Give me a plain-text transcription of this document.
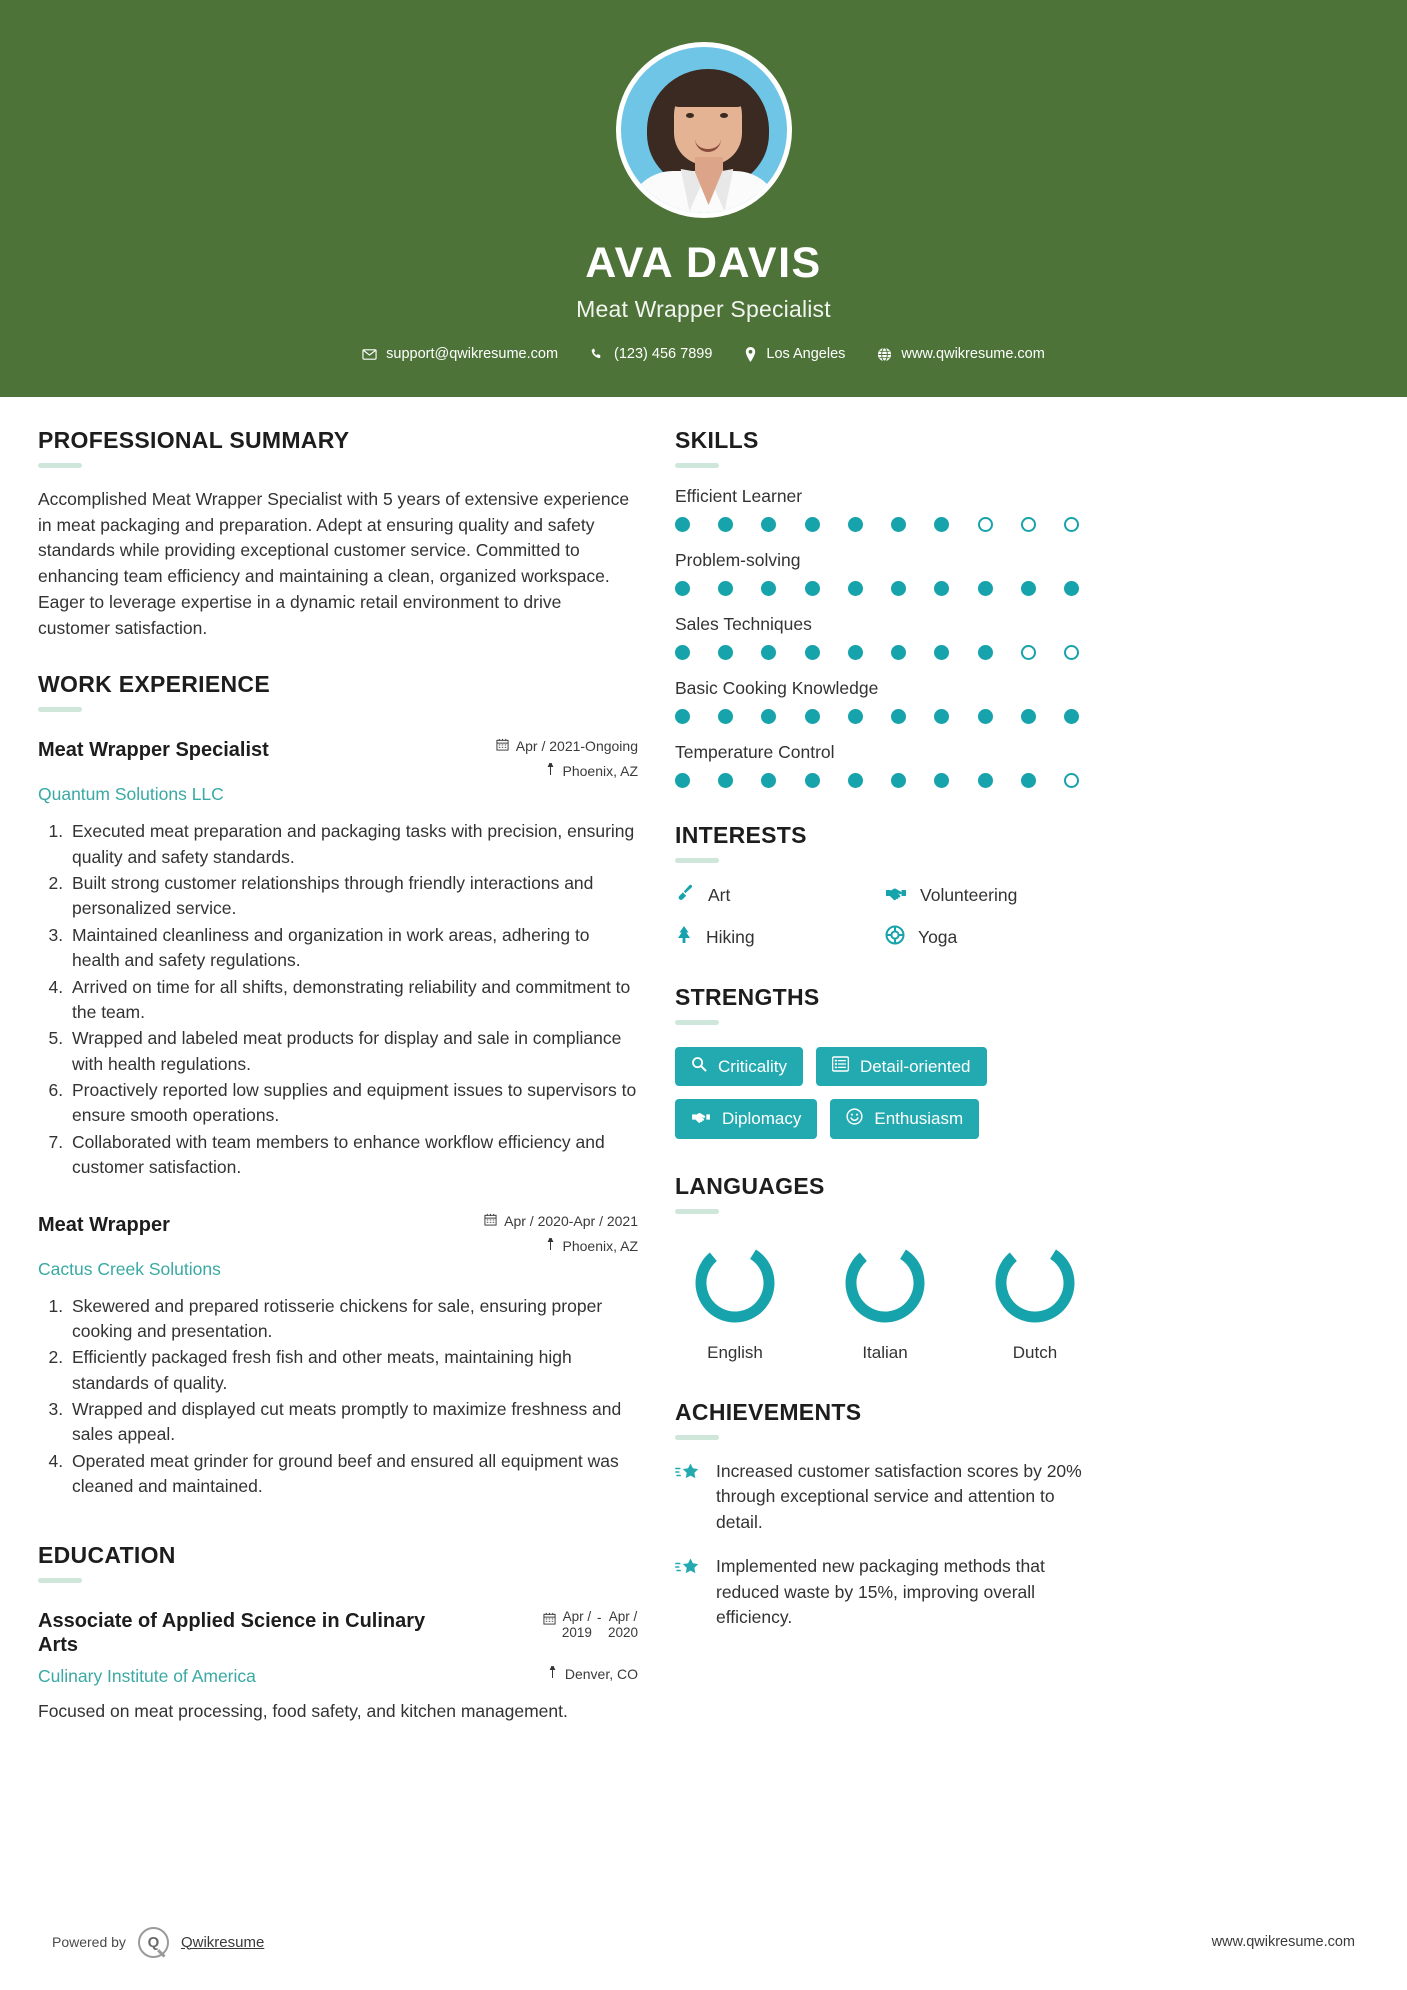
AVA DAVIS
Meat Wrapper Specialist
support@qwikresume.com	(123) 456 7899	Los Angeles	www.qwikresume.com
PROFESSIONAL SUMMARY

Accomplished Meat Wrapper Specialist with 5 years of extensive experience in meat packaging and preparation. Adept at ensuring quality and safety standards while providing exceptional customer service. Committed to enhancing team efficiency and maintaining a clean, organized workspace. Eager to leverage expertise in a dynamic retail environment to drive customer satisfaction.

WORK EXPERIENCE
Meat Wrapper Specialist	Apr / 2021-Ongoing
Phoenix, AZ
Quantum Solutions LLC
1. Executed meat preparation and packaging tasks with precision, ensuring quality and safety standards.
2. Built strong customer relationships through friendly interactions and personalized service.
3. Maintained cleanliness and organization in work areas, adhering to health and safety regulations.
4. Arrived on time for all shifts, demonstrating reliability and commitment to the team.
5. Wrapped and labeled meat products for display and sale in compliance with health regulations.
6. Proactively reported low supplies and equipment issues to supervisors to ensure smooth operations.
7. Collaborated with team members to enhance workflow efficiency and customer satisfaction.
Meat Wrapper	Apr / 2020-Apr / 2021
Phoenix, AZ
Cactus Creek Solutions
1. Skewered and prepared rotisserie chickens for sale, ensuring proper cooking and presentation.
2. Efficiently packaged fresh fish and other meats, maintaining high standards of quality.
3. Wrapped and displayed cut meats promptly to maximize freshness and sales appeal.
4. Operated meat grinder for ground beef and ensured all equipment was cleaned and maintained.
EDUCATION
Associate of Applied Science in Culinary Arts
Apr /
2019
- Apr /
2020
Culinary Institute of America	Denver, CO
Focused on meat processing, food safety, and kitchen management.
SKILLS
Efficient Learner
Problem-solving
Sales Techniques
Basic Cooking Knowledge
Temperature Control
INTERESTS
Art	Volunteering
Hiking	Yoga
STRENGTHS
Criticality	Detail-oriented
Diplomacy	Enthusiasm
LANGUAGES
English	Italian	Dutch
ACHIEVEMENTS
Increased customer satisfaction scores by 20% through exceptional service and attention to detail.
Implemented new packaging methods that reduced waste by 15%, improving overall efficiency.
Powered by	Q	Qwikresume	www.qwikresume.com
